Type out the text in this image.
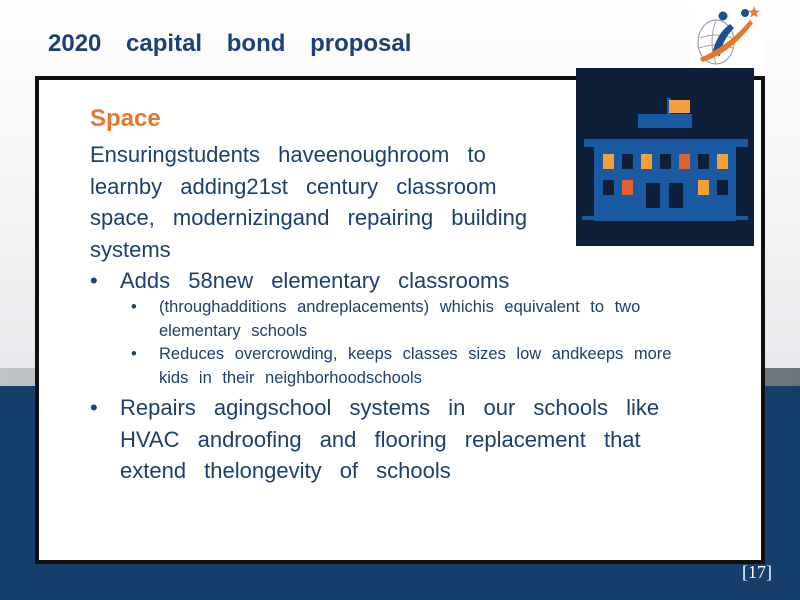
2020 capital bond proposal
Space
Ensuringstudents haveenoughroom to learnby adding21st century classroom space, modernizingand repairing building systems
• Adds 58new elementary classrooms
• (throughadditions andreplacements) whichis equivalent to two elementary schools
• Reduces overcrowding, keeps classes sizes low andkeeps more kids in their neighborhoodschools
• Repairs agingschool systems in our schools like HVAC androofing and flooring replacement that extend thelongevity of schools
[17]
